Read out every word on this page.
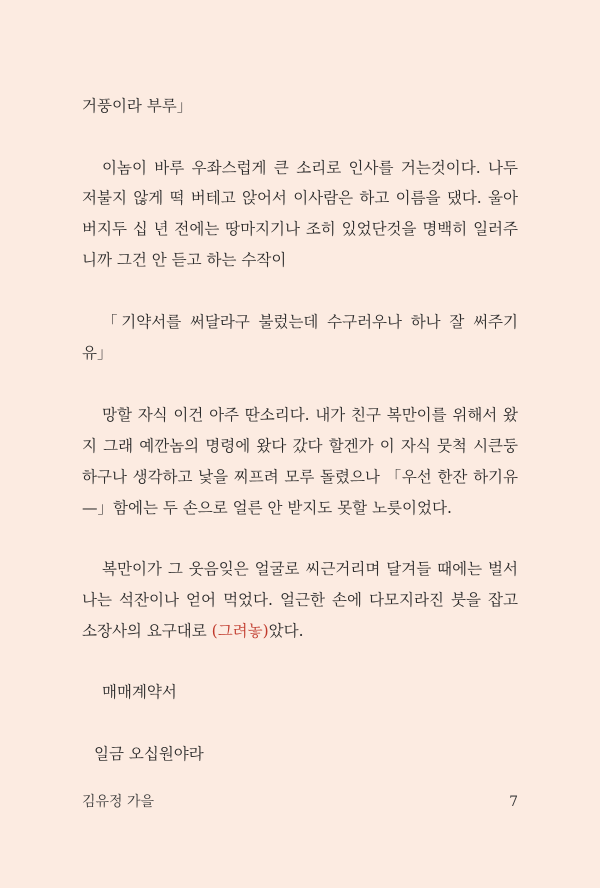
거풍이라 부루」
이놈이 바루 우좌스럽게 큰 소리로 인사를 거는것이다. 나두
저불지 않게 떡 버테고 앉어서 이사람은 하고 이름을 댔다. 울아
버지두 십 년 전에는 땅마지기나 조히 있었단것을 명백히 일러주
니까 그건 안 듣고 하는 수작이
「기약서를 써달라구 불렀는데 수구러우나 하나 잘 써주기
유」
망할 자식 이건 아주 딴소리다. 내가 친구 복만이를 위해서 왔
지 그래 예깐놈의 명령에 왔다 갔다 할겐가 이 자식 뭇척 시큰둥
하구나 생각하고 낯을 찌프려 모루 돌렸으나 「우선 한잔 하기유
—」함에는 두 손으로 얼른 안 받지도 못할 노릇이었다.
복만이가 그 웃음잊은 얼굴로 씨근거리며 달겨들 때에는 벌서
나는 석잔이나 얻어 먹었다. 얼근한 손에 다모지라진 붓을 잡고
소장사의 요구대로 (그려놓)았다.
매매계약서
일금 오십원야라
김유정 가을	7
